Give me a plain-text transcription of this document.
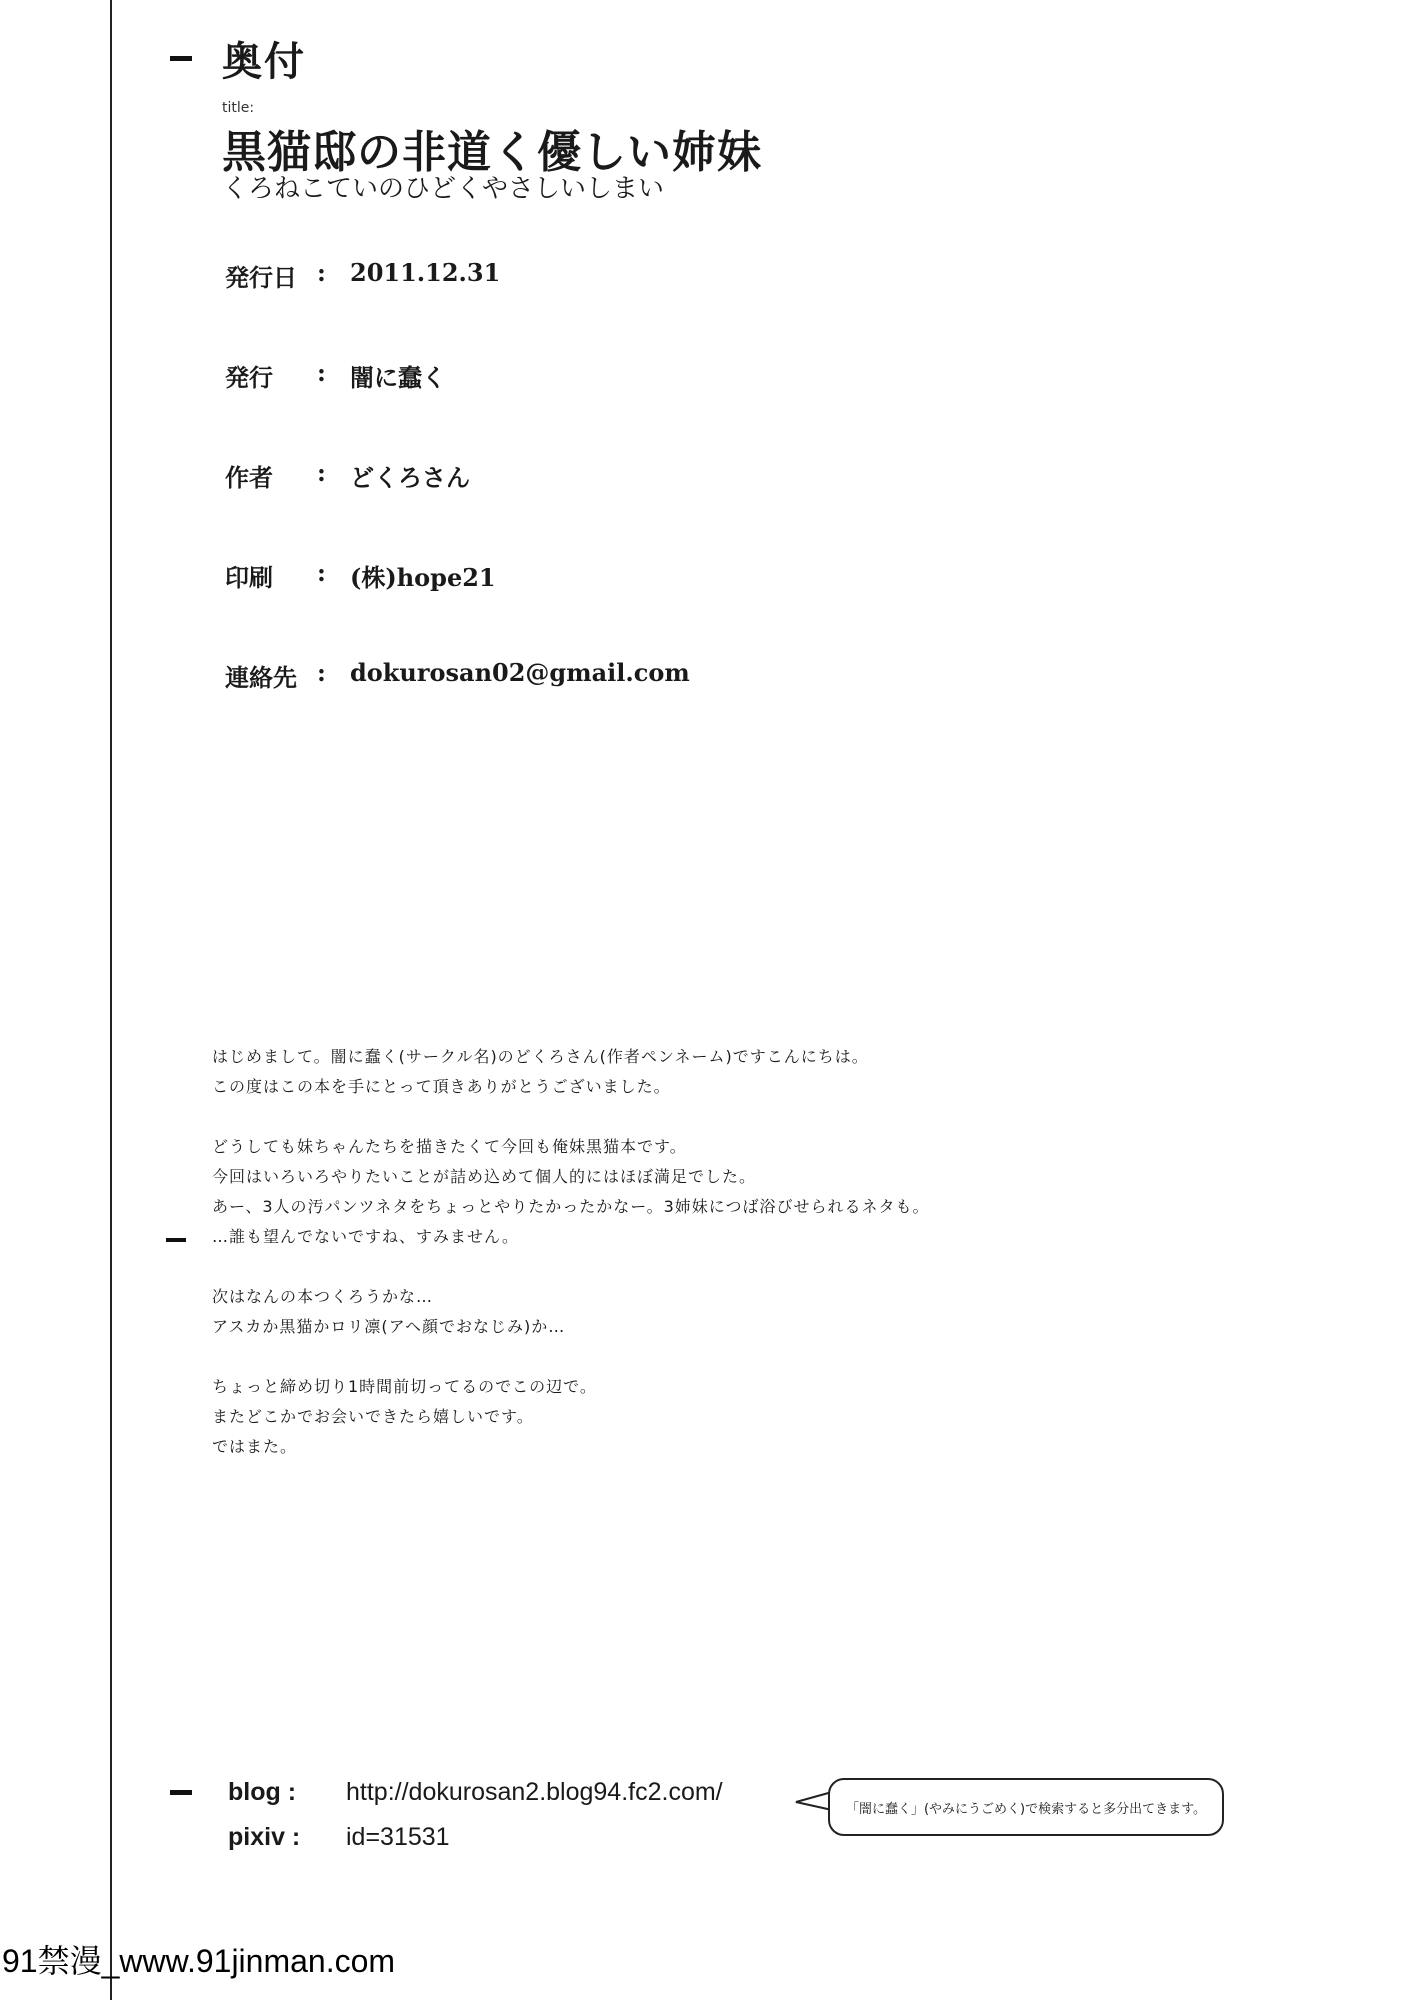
奥付
title:
黒猫邸の非道く優しい姉妹
くろねこていのひどくやさしいしまい
発行日 : 2011.12.31
発行 : 闇に蠢く
作者 : どくろさん
印刷 : (株)hope21
連絡先 : dokurosan02@gmail.com
はじめまして。闇に蠢く(サークル名)のどくろさん(作者ペンネーム)ですこんにちは。
この度はこの本を手にとって頂きありがとうございました。
どうしても妹ちゃんたちを描きたくて今回も俺妹黒猫本です。
今回はいろいろやりたいことが詰め込めて個人的にはほぼ満足でした。
あー、3人の汚パンツネタをちょっとやりたかったかなー。3姉妹につば浴びせられるネタも。
…誰も望んでないですね、すみません。
次はなんの本つくろうかな…
アスカか黒猫かロリ凛(アヘ顔でおなじみ)か…
ちょっと締め切り1時間前切ってるのでこの辺で。
またどこかでお会いできたら嬉しいです。
ではまた。
blog : http://dokurosan2.blog94.fc2.com/
pixiv : id=31531
「闇に蠢く」(やみにうごめく)で検索すると多分出てきます。
91禁漫_www.91jinman.com
